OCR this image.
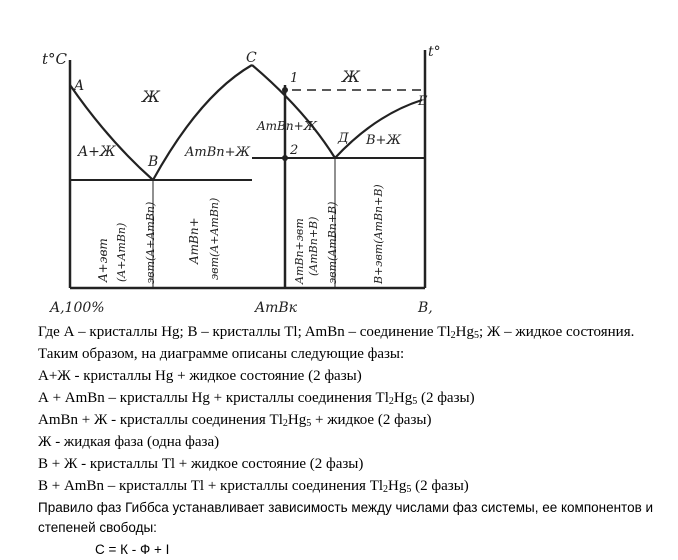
t°C	t°
A
B
C
Д
E
1
2
Ж
Ж
A+Ж	AmBn+Ж
AmBn+Ж
B+Ж
A+эвт (A+AmBn) эвт(A+AmBn)	AmBn+ эвт(A+AmBn)	AmBn+эвт (AmBn+B) эвт(AmBn+B)	B+эвт(AmBn+B)
A,100%	AmBк	B,
Где А – кристаллы Hg; В – кристаллы Tl; AmBn – соединение $Tl_2Hg_5$; Ж – жидкое состояния.
Таким образом, на диаграмме описаны следующие фазы:
А+Ж - кристаллы Hg + жидкое состояние (2 фазы)
А + AmBn – кристаллы Hg + кристаллы соединения $Tl_2Hg_5$ (2 фазы)
AmBn + Ж - кристаллы соединения $Tl_2Hg_5$ + жидкое (2 фазы)
Ж - жидкая фаза (одна фаза)
В + Ж - кристаллы Tl + жидкое состояние (2 фазы)
В + AmBn – кристаллы Tl + кристаллы соединения $Tl_2Hg_5$ (2 фазы)
Правило фаз Гиббса устанавливает зависимость между числами фаз системы, ее компонентов и
степеней свободы:
C = К - Ф + I
